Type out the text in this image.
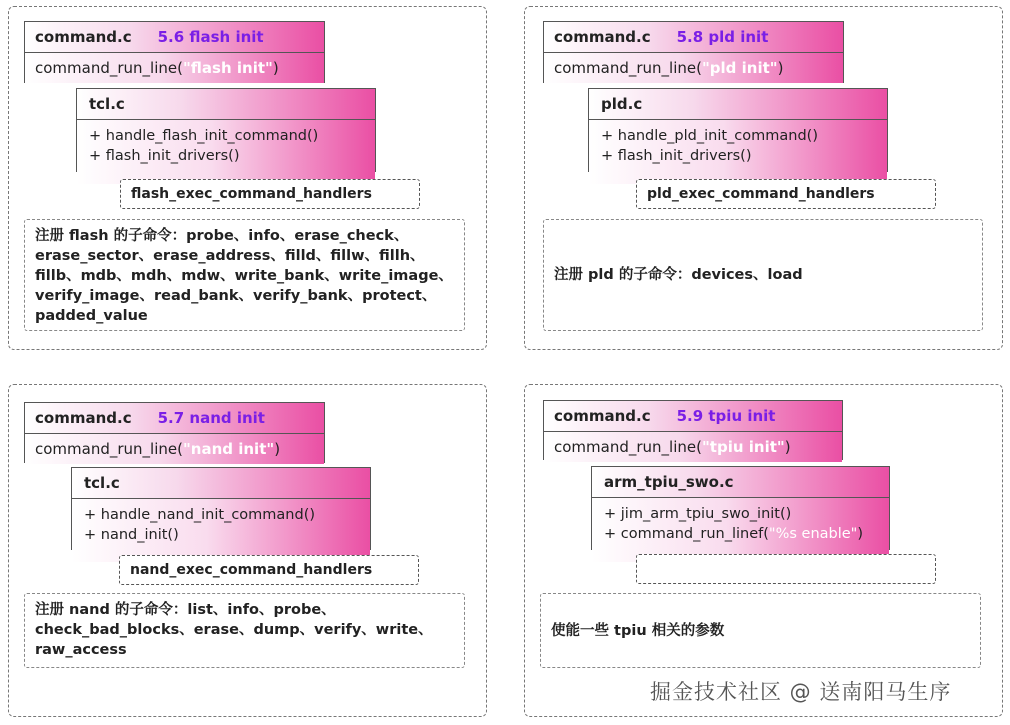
command.c 5.6 flash init
command_run_line("flash init")
tcl.c
+ handle_flash_init_command()
+ flash_init_drivers()
flash_exec_command_handlers
注册 flash 的子命令：probe、info、erase_check、erase_sector、erase_address、filld、fillw、fillh、fillb、mdb、mdh、mdw、write_bank、write_image、verify_image、read_bank、verify_bank、protect、padded_value
command.c 5.8 pld init
command_run_line("pld init")
pld.c
+ handle_pld_init_command()
+ flash_init_drivers()
pld_exec_command_handlers
注册 pld 的子命令：devices、load
command.c 5.7 nand init
command_run_line("nand init")
tcl.c
+ handle_nand_init_command()
+ nand_init()
nand_exec_command_handlers
注册 nand 的子命令：list、info、probe、check_bad_blocks、erase、dump、verify、write、raw_access
command.c 5.9 tpiu init
command_run_line("tpiu init")
arm_tpiu_swo.c
+ jim_arm_tpiu_swo_init()
+ command_run_linef("%s enable")
使能一些 tpiu 相关的参数
掘金技术社区 @ 送南阳马生序
